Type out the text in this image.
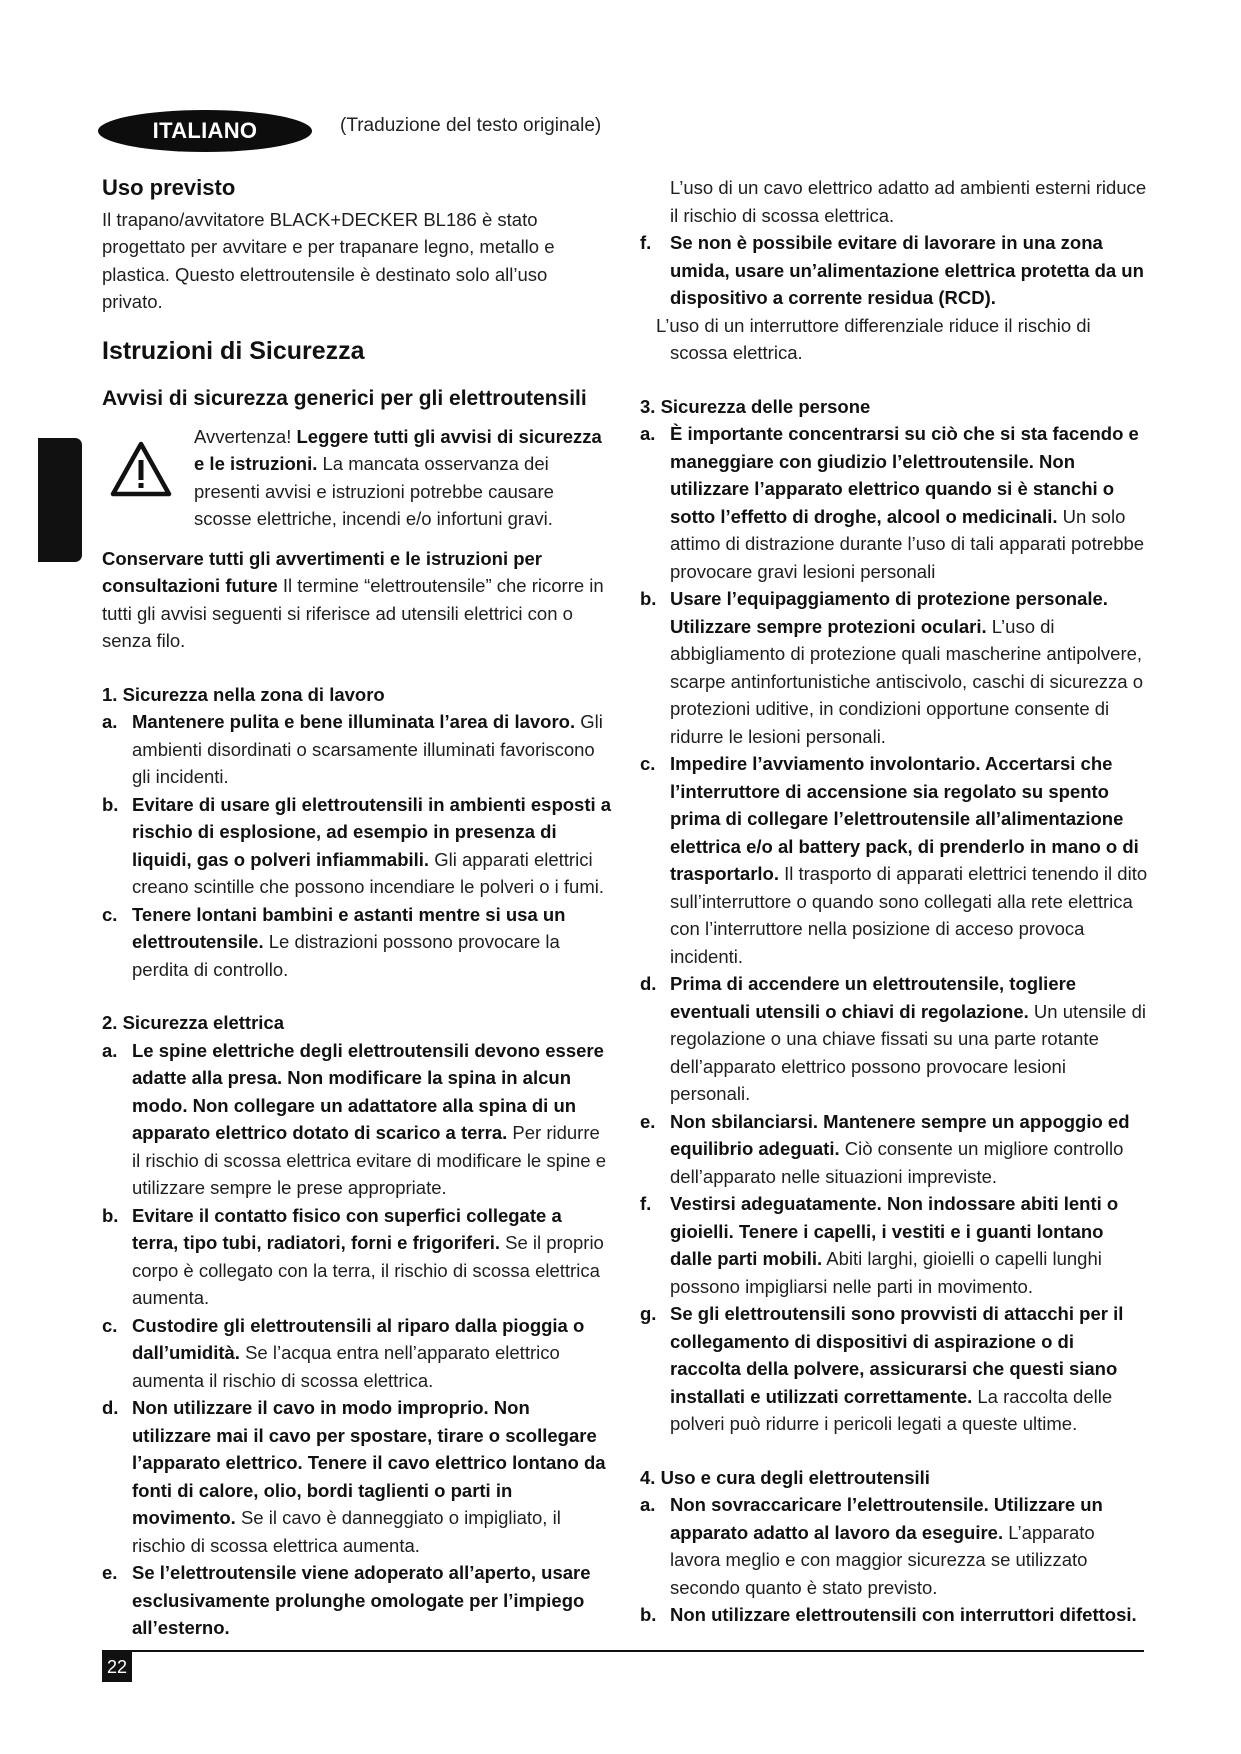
ITALIANO	(Traduzione del testo originale)
Uso previsto

Il trapano/avvitatore BLACK+DECKER BL186 è stato progettato per avvitare e per trapanare legno, metallo e plastica. Questo elettroutensile è destinato solo all’uso privato.

Istruzioni di Sicurezza
Avvisi di sicurezza generici per gli elettroutensili
Avvertenza! Leggere tutti gli avvisi di sicurezza e le istruzioni. La mancata osservanza dei presenti avvisi e istruzioni potrebbe causare scosse elettriche, incendi e/o infortuni gravi.

Conservare tutti gli avvertimenti e le istruzioni per consultazioni future Il termine “elettroutensile” che ricorre in tutti gli avvisi seguenti si riferisce ad utensili elettrici con o senza filo.

1. Sicurezza nella zona di lavoro
a. Mantenere pulita e bene illuminata l’area di lavoro. Gli ambienti disordinati o scarsamente illuminati favoriscono gli incidenti.
b. Evitare di usare gli elettroutensili in ambienti esposti a rischio di esplosione, ad esempio in presenza di liquidi, gas o polveri infiammabili. Gli apparati elettrici creano scintille che possono incendiare le polveri o i fumi.
c. Tenere lontani bambini e astanti mentre si usa un elettroutensile. Le distrazioni possono provocare la perdita di controllo.
2. Sicurezza elettrica
a. Le spine elettriche degli elettroutensili devono essere adatte alla presa. Non modificare la spina in alcun modo. Non collegare un adattatore alla spina di un apparato elettrico dotato di scarico a terra. Per ridurre il rischio di scossa elettrica evitare di modificare le spine e utilizzare sempre le prese appropriate.
b. Evitare il contatto fisico con superfici collegate a terra, tipo tubi, radiatori, forni e frigoriferi. Se il proprio corpo è collegato con la terra, il rischio di scossa elettrica aumenta.
c. Custodire gli elettroutensili al riparo dalla pioggia o dall’umidità. Se l’acqua entra nell’apparato elettrico aumenta il rischio di scossa elettrica.
d. Non utilizzare il cavo in modo improprio. Non utilizzare mai il cavo per spostare, tirare o scollegare l’apparato elettrico. Tenere il cavo elettrico lontano da fonti di calore, olio, bordi taglienti o parti in movimento. Se il cavo è danneggiato o impigliato, il rischio di scossa elettrica aumenta.
e. Se l’elettroutensile viene adoperato all’aperto, usare esclusivamente prolunghe omologate per l’impiego all’esterno.
L’uso di un cavo elettrico adatto ad ambienti esterni riduce il rischio di scossa elettrica.
f. Se non è possibile evitare di lavorare in una zona umida, usare un’alimentazione elettrica protetta da un dispositivo a corrente residua (RCD).
L’uso di un interruttore differenziale riduce il rischio di scossa elettrica.
3. Sicurezza delle persone
a. È importante concentrarsi su ciò che si sta facendo e maneggiare con giudizio l’elettroutensile. Non utilizzare l’apparato elettrico quando si è stanchi o sotto l’effetto di droghe, alcool o medicinali. Un solo attimo di distrazione durante l’uso di tali apparati potrebbe provocare gravi lesioni personali
b. Usare l’equipaggiamento di protezione personale. Utilizzare sempre protezioni oculari. L’uso di abbigliamento di protezione quali mascherine antipolvere, scarpe antinfortunistiche antiscivolo, caschi di sicurezza o protezioni uditive, in condizioni opportune consente di ridurre le lesioni personali.
c. Impedire l’avviamento involontario. Accertarsi che l’interruttore di accensione sia regolato su spento prima di collegare l’elettroutensile all’alimentazione elettrica e/o al battery pack, di prenderlo in mano o di trasportarlo. Il trasporto di apparati elettrici tenendo il dito sull’interruttore o quando sono collegati alla rete elettrica con l’interruttore nella posizione di acceso provoca incidenti.
d. Prima di accendere un elettroutensile, togliere eventuali utensili o chiavi di regolazione. Un utensile di regolazione o una chiave fissati su una parte rotante dell’apparato elettrico possono provocare lesioni personali.
e. Non sbilanciarsi. Mantenere sempre un appoggio ed equilibrio adeguati. Ciò consente un migliore controllo dell’apparato nelle situazioni impreviste.
f. Vestirsi adeguatamente. Non indossare abiti lenti o gioielli. Tenere i capelli, i vestiti e i guanti lontano dalle parti mobili. Abiti larghi, gioielli o capelli lunghi possono impigliarsi nelle parti in movimento.
g. Se gli elettroutensili sono provvisti di attacchi per il collegamento di dispositivi di aspirazione o di raccolta della polvere, assicurarsi che questi siano installati e utilizzati correttamente. La raccolta delle polveri può ridurre i pericoli legati a queste ultime.
4. Uso e cura degli elettroutensili
a. Non sovraccaricare l’elettroutensile. Utilizzare un apparato adatto al lavoro da eseguire. L’apparato lavora meglio e con maggior sicurezza se utilizzato secondo quanto è stato previsto.
b. Non utilizzare elettroutensili con interruttori difettosi.
22
